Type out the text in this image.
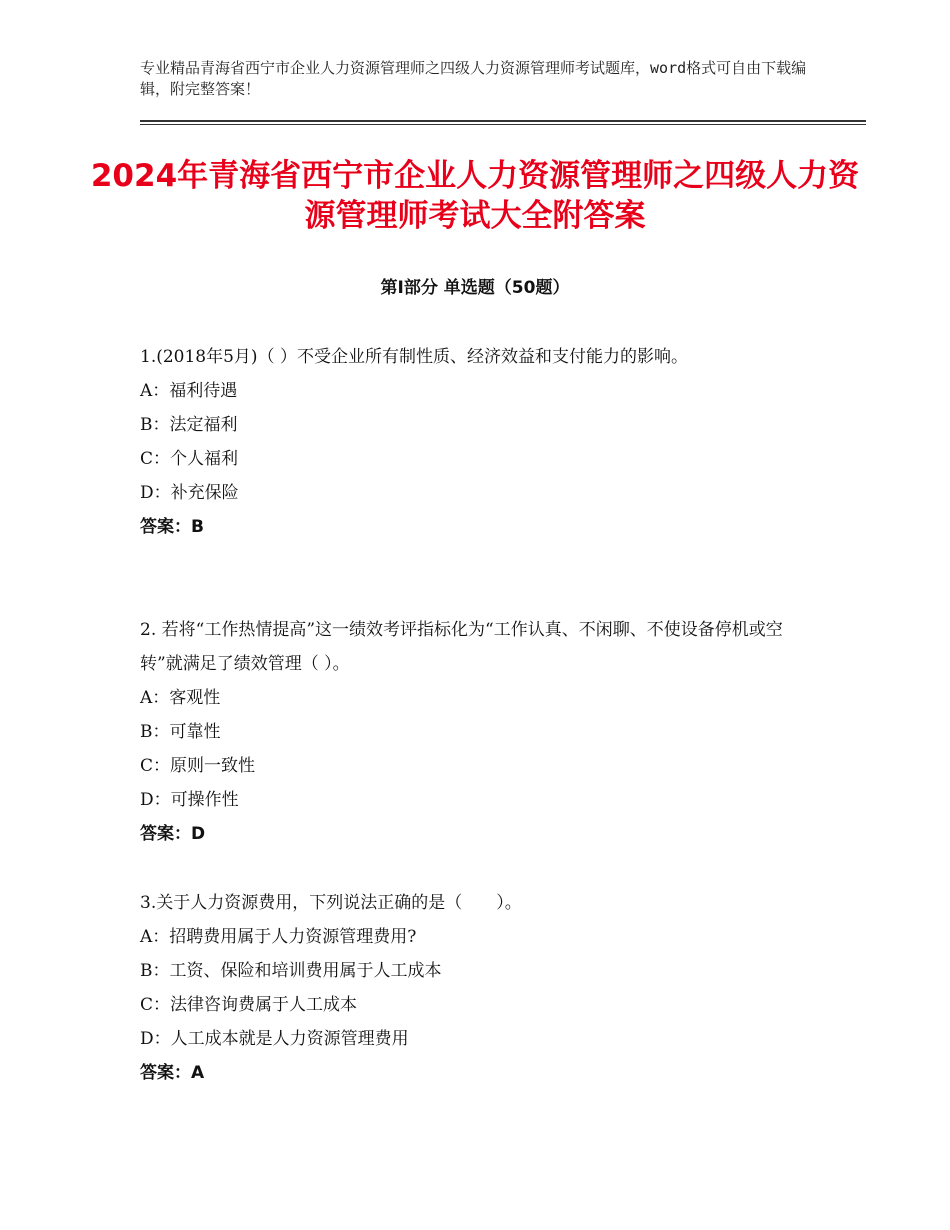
专业精品青海省西宁市企业人力资源管理师之四级人力资源管理师考试题库，word格式可自由下载编辑，附完整答案！
2024年青海省西宁市企业人力资源管理师之四级人力资源管理师考试大全附答案
第Ⅰ部分 单选题（50题）

1.(2018年5月)（ ）不受企业所有制性质、经济效益和支付能力的影响。

A：福利待遇

B：法定福利

C：个人福利

D：补充保险

答案：B

2. 若将“工作热情提高”这一绩效考评指标化为“工作认真、不闲聊、不使设备停机或空转”就满足了绩效管理（ ）。

A：客观性

B：可靠性

C：原则一致性

D：可操作性

答案：D

3.关于人力资源费用，下列说法正确的是（　　）。

A：招聘费用属于人力资源管理费用?

B：工资、保险和培训费用属于人工成本

C：法律咨询费属于人工成本

D：人工成本就是人力资源管理费用

答案：A
